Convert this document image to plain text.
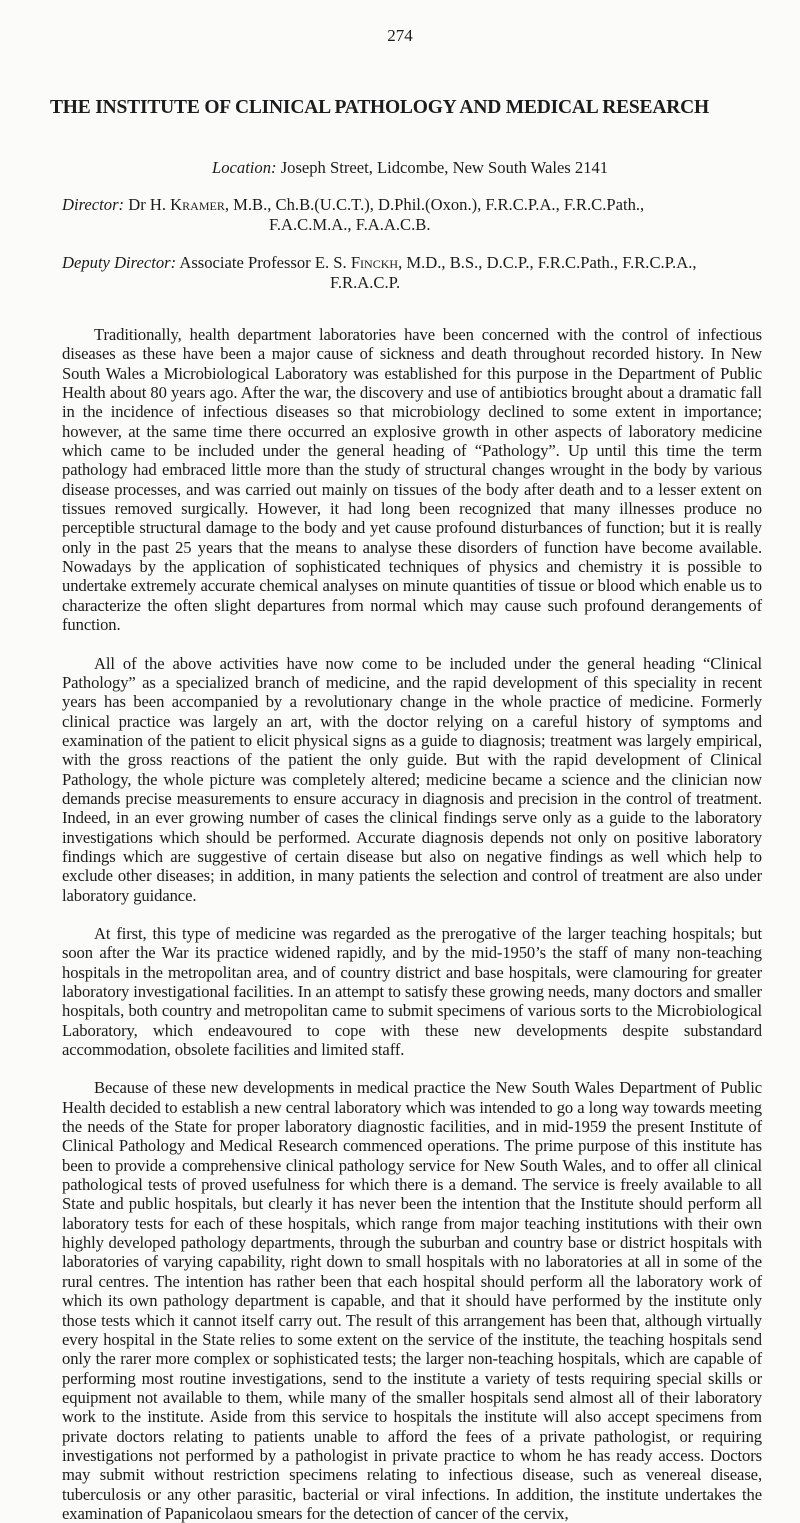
274
THE INSTITUTE OF CLINICAL PATHOLOGY AND MEDICAL RESEARCH
Location: Joseph Street, Lidcombe, New South Wales 2141
Director: Dr H. Kramer, M.B., Ch.B.(U.C.T.), D.Phil.(Oxon.), F.R.C.P.A., F.R.C.Path.,
F.A.C.M.A., F.A.A.C.B.
Deputy Director: Associate Professor E. S. Finckh, M.D., B.S., D.C.P., F.R.C.Path., F.R.C.P.A.,
F.R.A.C.P.

Traditionally, health department laboratories have been concerned with the control of infectious diseases as these have been a major cause of sickness and death throughout recorded history. In New South Wales a Microbiological Laboratory was established for this purpose in the Department of Public Health about 80 years ago. After the war, the discovery and use of antibiotics brought about a dramatic fall in the incidence of infectious diseases so that microbiology declined to some extent in importance; however, at the same time there occurred an explosive growth in other aspects of laboratory medicine which came to be included under the general heading of “Pathology”. Up until this time the term pathology had embraced little more than the study of structural changes wrought in the body by various disease processes, and was carried out mainly on tissues of the body after death and to a lesser extent on tissues removed surgically. However, it had long been recognized that many illnesses produce no perceptible structural damage to the body and yet cause profound disturbances of function; but it is really only in the past 25 years that the means to analyse these disorders of function have become available. Nowadays by the application of sophisticated techniques of physics and chemistry it is possible to undertake extremely accurate chemical analyses on minute quantities of tissue or blood which enable us to characterize the often slight departures from normal which may cause such profound derangements of function.

All of the above activities have now come to be included under the general heading “Clinical Pathology” as a specialized branch of medicine, and the rapid development of this speciality in recent years has been accompanied by a revolutionary change in the whole practice of medicine. Formerly clinical practice was largely an art, with the doctor relying on a careful history of symptoms and examination of the patient to elicit physical signs as a guide to diagnosis; treatment was largely empirical, with the gross reactions of the patient the only guide. But with the rapid development of Clinical Pathology, the whole picture was completely altered; medicine became a science and the clinician now demands precise measurements to ensure accuracy in diagnosis and precision in the control of treatment. Indeed, in an ever growing number of cases the clinical findings serve only as a guide to the laboratory investigations which should be performed. Accurate diagnosis depends not only on positive laboratory findings which are suggestive of certain disease but also on negative findings as well which help to exclude other diseases; in addition, in many patients the selection and control of treatment are also under laboratory guidance.

At first, this type of medicine was regarded as the prerogative of the larger teaching hospitals; but soon after the War its practice widened rapidly, and by the mid-1950’s the staff of many non-teaching hospitals in the metropolitan area, and of country district and base hospitals, were clamouring for greater laboratory investigational facilities. In an attempt to satisfy these growing needs, many doctors and smaller hospitals, both country and metropolitan came to submit specimens of various sorts to the Microbiological Laboratory, which endeavoured to cope with these new developments despite substandard accommodation, obsolete facilities and limited staff.

Because of these new developments in medical practice the New South Wales Department of Public Health decided to establish a new central laboratory which was intended to go a long way towards meeting the needs of the State for proper laboratory diagnostic facilities, and in mid-1959 the present Institute of Clinical Pathology and Medical Research commenced operations. The prime purpose of this institute has been to provide a comprehensive clinical pathology service for New South Wales, and to offer all clinical pathological tests of proved usefulness for which there is a demand. The service is freely available to all State and public hospitals, but clearly it has never been the intention that the Institute should perform all laboratory tests for each of these hospitals, which range from major teaching institutions with their own highly developed pathology departments, through the suburban and country base or district hospitals with laboratories of varying capability, right down to small hospitals with no laboratories at all in some of the rural centres. The intention has rather been that each hospital should perform all the laboratory work of which its own pathology department is capable, and that it should have performed by the institute only those tests which it cannot itself carry out. The result of this arrangement has been that, although virtually every hospital in the State relies to some extent on the service of the institute, the teaching hospitals send only the rarer more complex or sophisticated tests; the larger non-teaching hospitals, which are capable of performing most routine investigations, send to the institute a variety of tests requiring special skills or equipment not available to them, while many of the smaller hospitals send almost all of their laboratory work to the institute. Aside from this service to hospitals the institute will also accept specimens from private doctors relating to patients unable to afford the fees of a private pathologist, or requiring investigations not performed by a pathologist in private practice to whom he has ready access. Doctors may submit without restriction specimens relating to infectious disease, such as venereal disease, tuberculosis or any other parasitic, bacterial or viral infections. In addition, the institute undertakes the examination of Papanicolaou smears for the detection of cancer of the cervix,
